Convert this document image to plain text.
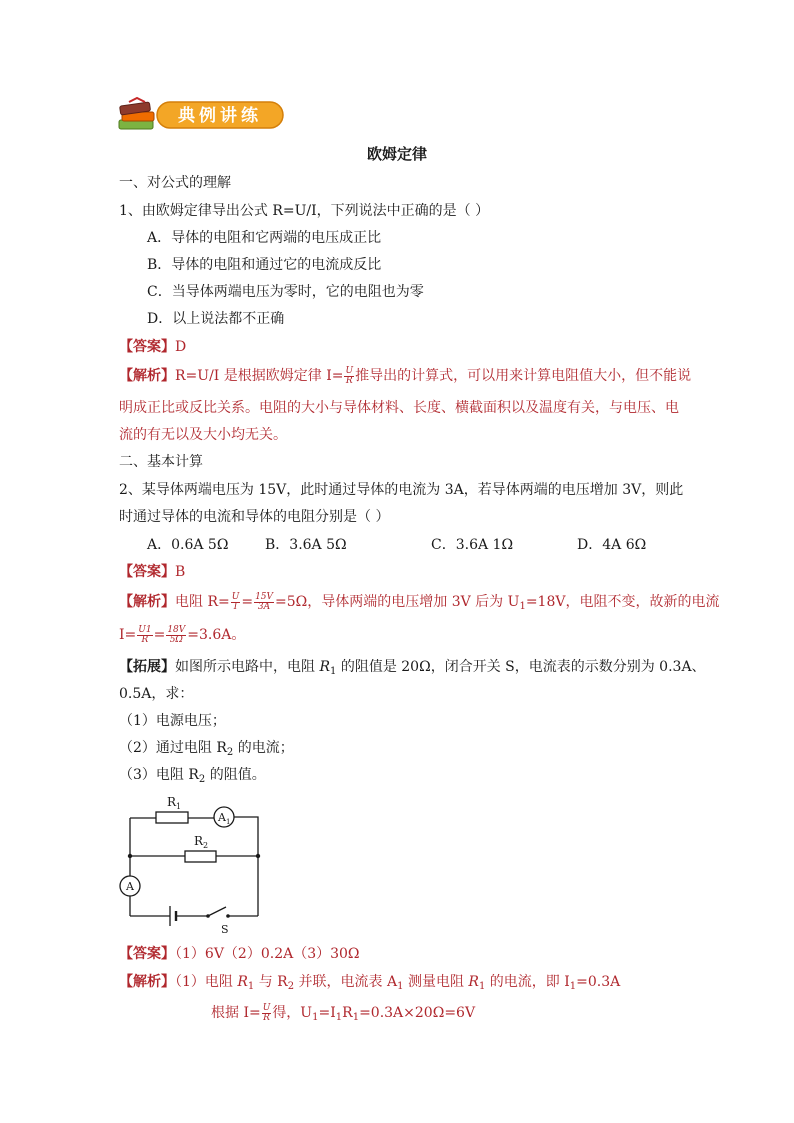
典例讲练
欧姆定律
一、对公式的理解
1、由欧姆定律导出公式 R=U/I，下列说法中正确的是（ ）
A．导体的电阻和它两端的电压成正比
B．导体的电阻和通过它的电流成反比
C．当导体两端电压为零时，它的电阻也为零
D．以上说法都不正确
【答案】D
【解析】R=U/I 是根据欧姆定律 $I= \frac{U}{R}$ 推导出的计算式，可以用来计算电阻值大小，但不能说
明成正比或反比关系。电阻的大小与导体材料、长度、横截面积以及温度有关，与电压、电
流的有无以及大小均无关。
二、基本计算
2、某导体两端电压为 15V，此时通过导体的电流为 3A，若导体两端的电压增加 3V，则此
时通过导体的电流和导体的电阻分别是（ ）
A．0.6A 5Ω	B．3.6A 5Ω	C．3.6A 1Ω	D．4A 6Ω
【答案】B
【解析】电阻 $R= \frac{U}{I} = \frac{15V}{3A} =5\Omega$，导体两端的电压增加 3V 后为 $U_1=18V$，电阻不变，故新的电流
$I= \frac{U1}{R} = \frac{18V}{5\Omega} =3.6A$。
【拓展】如图所示电路中，电阻 $R_1$ 的阻值是 20Ω，闭合开关 S，电流表的示数分别为 0.3A、
0.5A，求：
（1）电源电压；
（2）通过电阻 $R_2$ 的电流；
（3）电阻 $R_2$ 的阻值。
R 1
R 2
A 1
A
S
【答案】（1）6V（2）0.2A（3）30Ω
【解析】（1）电阻 $R_1$ 与 $R_2$ 并联，电流表 $A_1$ 测量电阻 $R_1$ 的电流，即 $I_1=0.3A$
根据 $I= \frac{U}{R}$ 得，$U_1=I_1R_1=0.3A\times 20\Omega=6V$
